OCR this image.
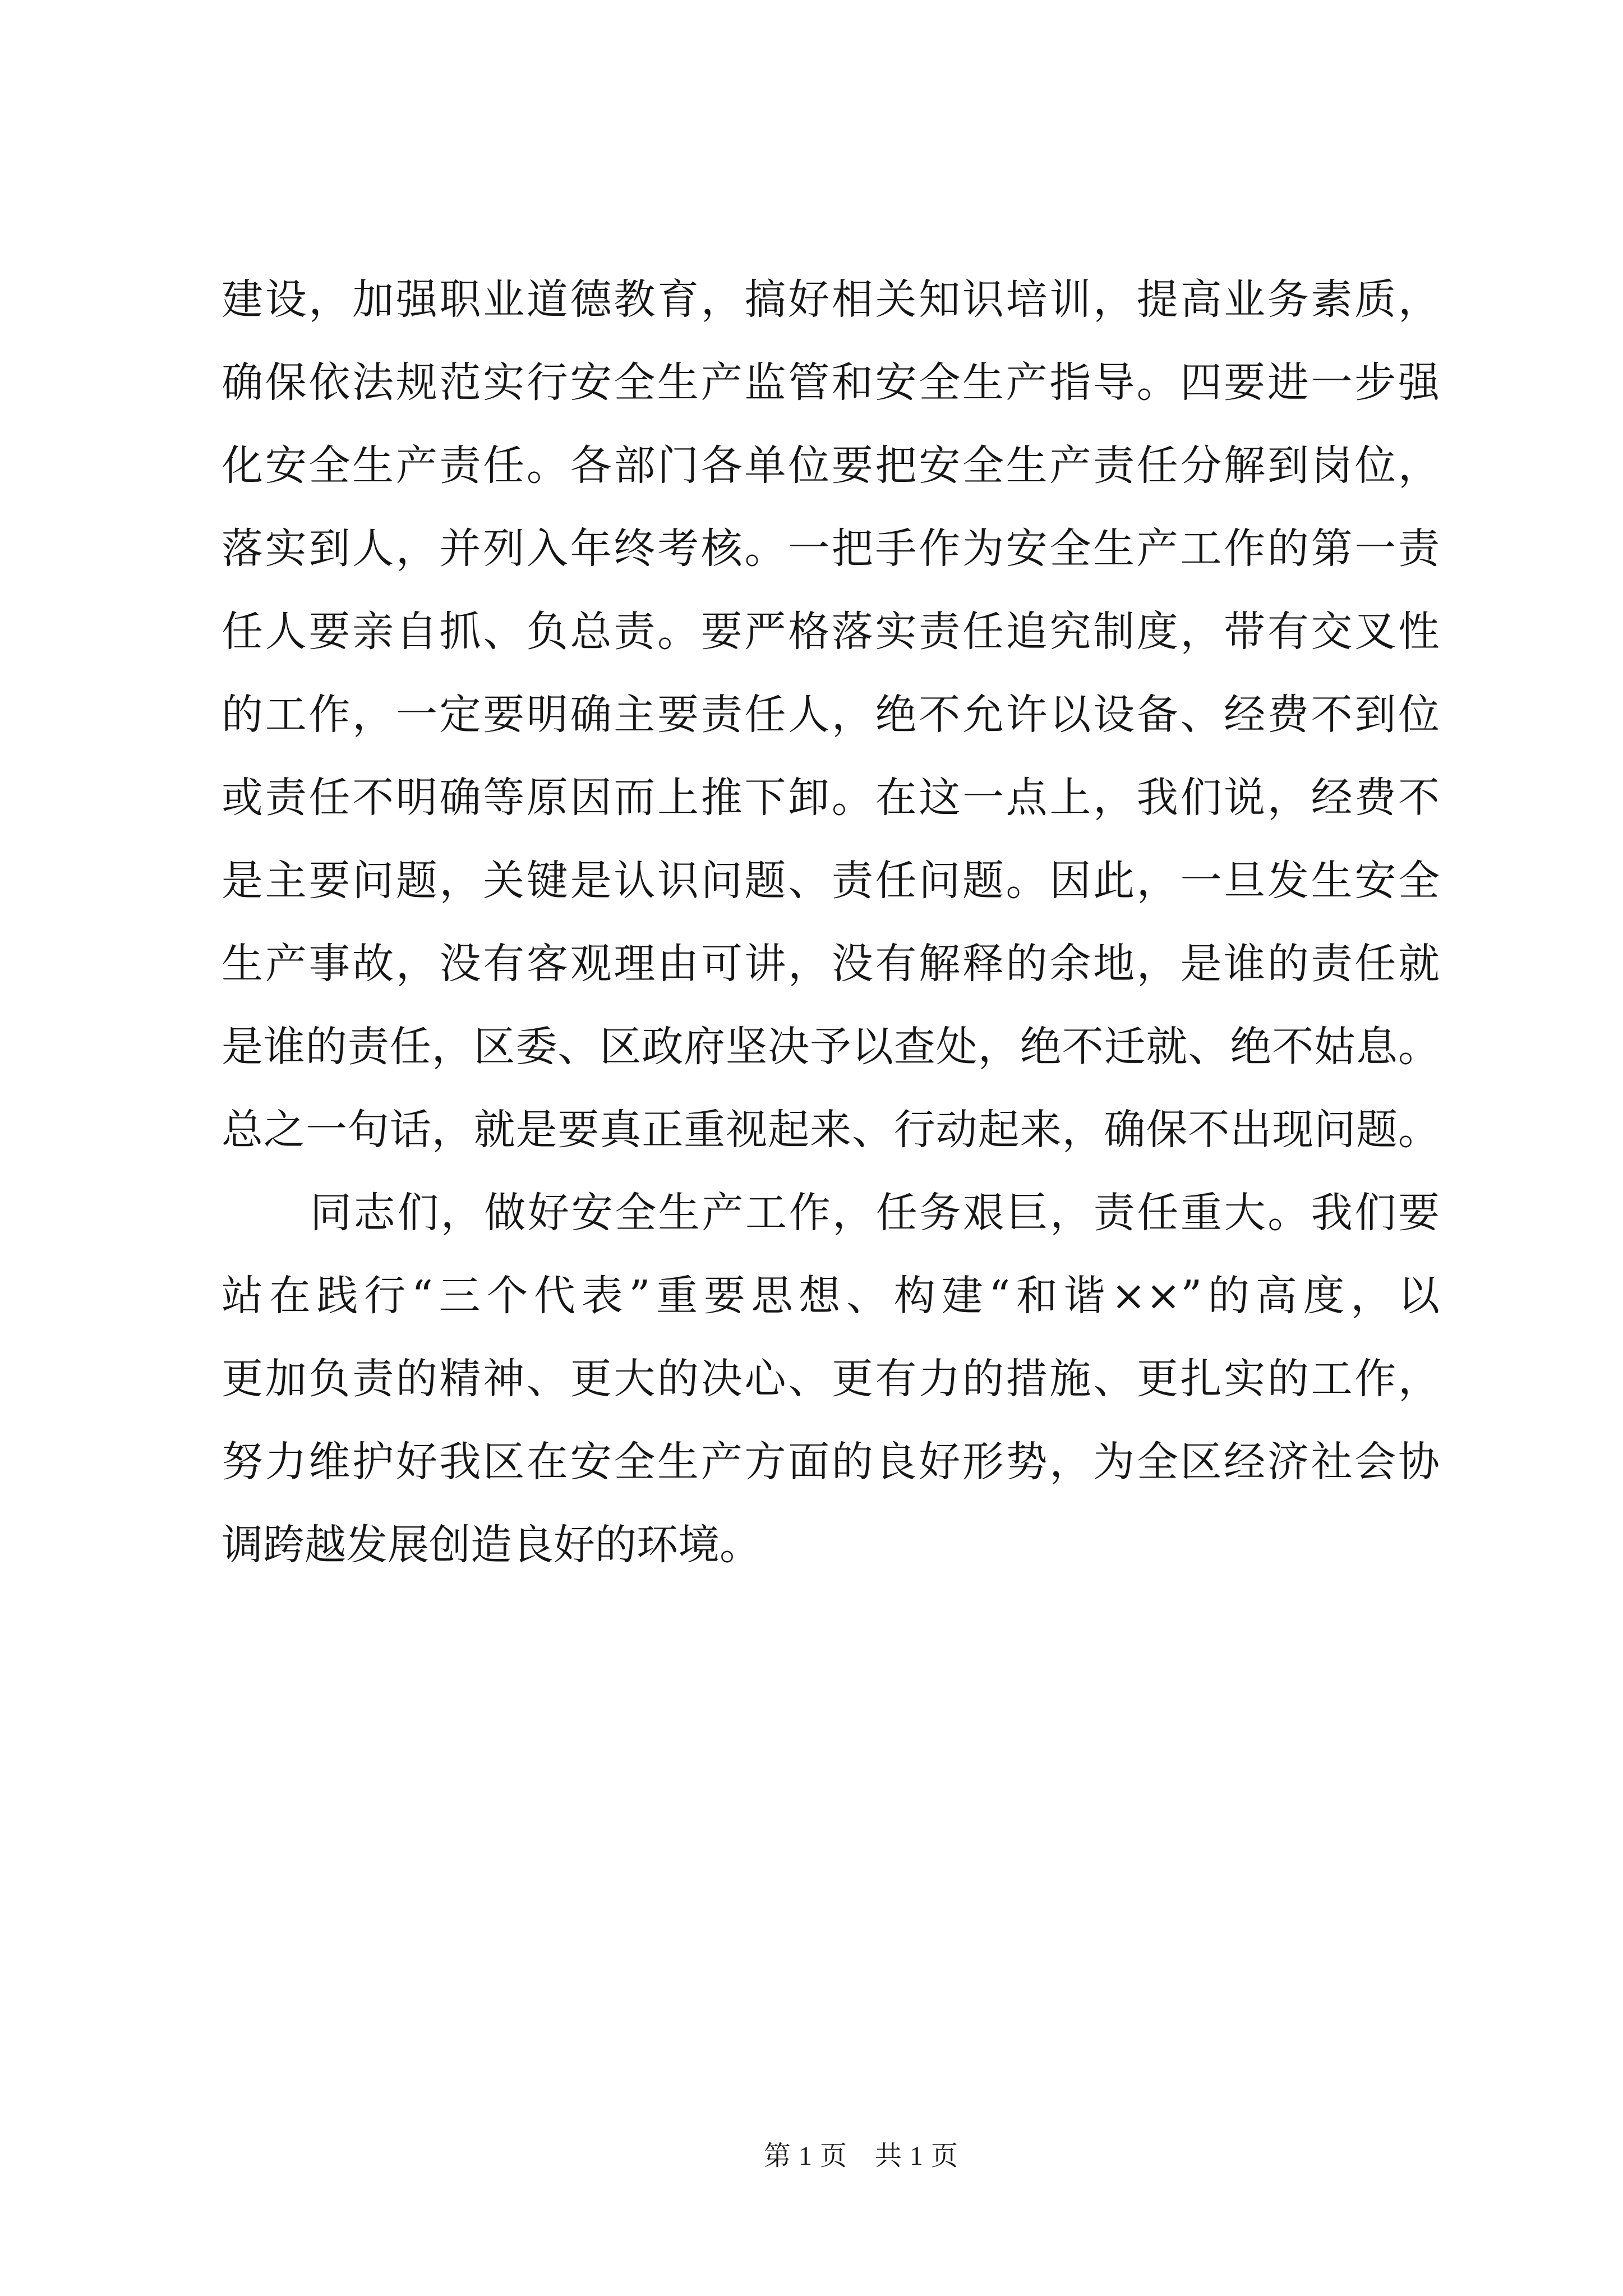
建设，加强职业道德教育，搞好相关知识培训，提高业务素质，
确保依法规范实行安全生产监管和安全生产指导。四要进一步强
化安全生产责任。各部门各单位要把安全生产责任分解到岗位，
落实到人，并列入年终考核。一把手作为安全生产工作的第一责
任人要亲自抓、负总责。要严格落实责任追究制度，带有交叉性
的工作，一定要明确主要责任人，绝不允许以设备、经费不到位
或责任不明确等原因而上推下卸。在这一点上，我们说，经费不
是主要问题，关键是认识问题、责任问题。因此，一旦发生安全
生产事故，没有客观理由可讲，没有解释的余地，是谁的责任就
是谁的责任，区委、区政府坚决予以查处，绝不迁就、绝不姑息。
总之一句话，就是要真正重视起来、行动起来，确保不出现问题。
同志们，做好安全生产工作，任务艰巨，责任重大。我们要
站在践行“三个代表”重要思想、构建“和谐××”的高度，以
更加负责的精神、更大的决心、更有力的措施、更扎实的工作，
努力维护好我区在安全生产方面的良好形势，为全区经济社会协
调跨越发展创造良好的环境。
第 1 页 共 1 页
